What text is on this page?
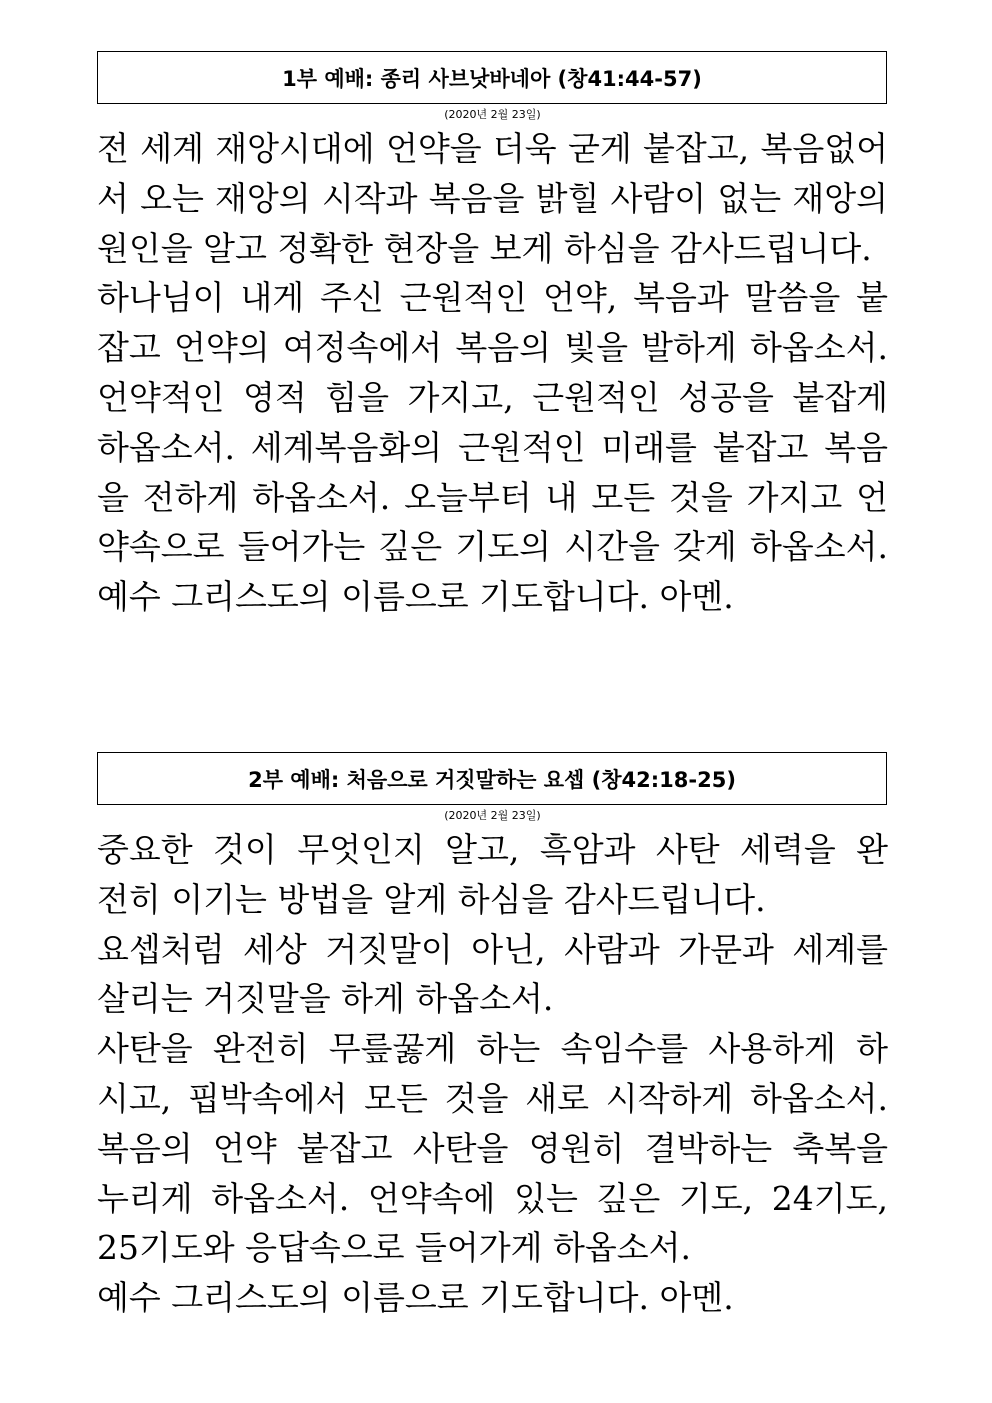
1부 예배: 종리 사브낫바네아 (창41:44-57)
(2020년 2월 23일)
전 세계 재앙시대에 언약을 더욱 굳게 붙잡고, 복음없어
서 오는 재앙의 시작과 복음을 밝힐 사람이 없는 재앙의
원인을 알고 정확한 현장을 보게 하심을 감사드립니다.
하나님이 내게 주신 근원적인 언약, 복음과 말씀을 붙
잡고 언약의 여정속에서 복음의 빛을 발하게 하옵소서.
언약적인 영적 힘을 가지고, 근원적인 성공을 붙잡게
하옵소서. 세계복음화의 근원적인 미래를 붙잡고 복음
을 전하게 하옵소서. 오늘부터 내 모든 것을 가지고 언
약속으로 들어가는 깊은 기도의 시간을 갖게 하옵소서.
예수 그리스도의 이름으로 기도합니다. 아멘.
2부 예배: 처음으로 거짓말하는 요셉 (창42:18-25)
(2020년 2월 23일)
중요한 것이 무엇인지 알고, 흑암과 사탄 세력을 완
전히 이기는 방법을 알게 하심을 감사드립니다.
요셉처럼 세상 거짓말이 아닌, 사람과 가문과 세계를
살리는 거짓말을 하게 하옵소서.
사탄을 완전히 무릎꿇게 하는 속임수를 사용하게 하
시고, 핍박속에서 모든 것을 새로 시작하게 하옵소서.
복음의 언약 붙잡고 사탄을 영원히 결박하는 축복을
누리게 하옵소서. 언약속에 있는 깊은 기도, 24기도,
25기도와 응답속으로 들어가게 하옵소서.
예수 그리스도의 이름으로 기도합니다. 아멘.
